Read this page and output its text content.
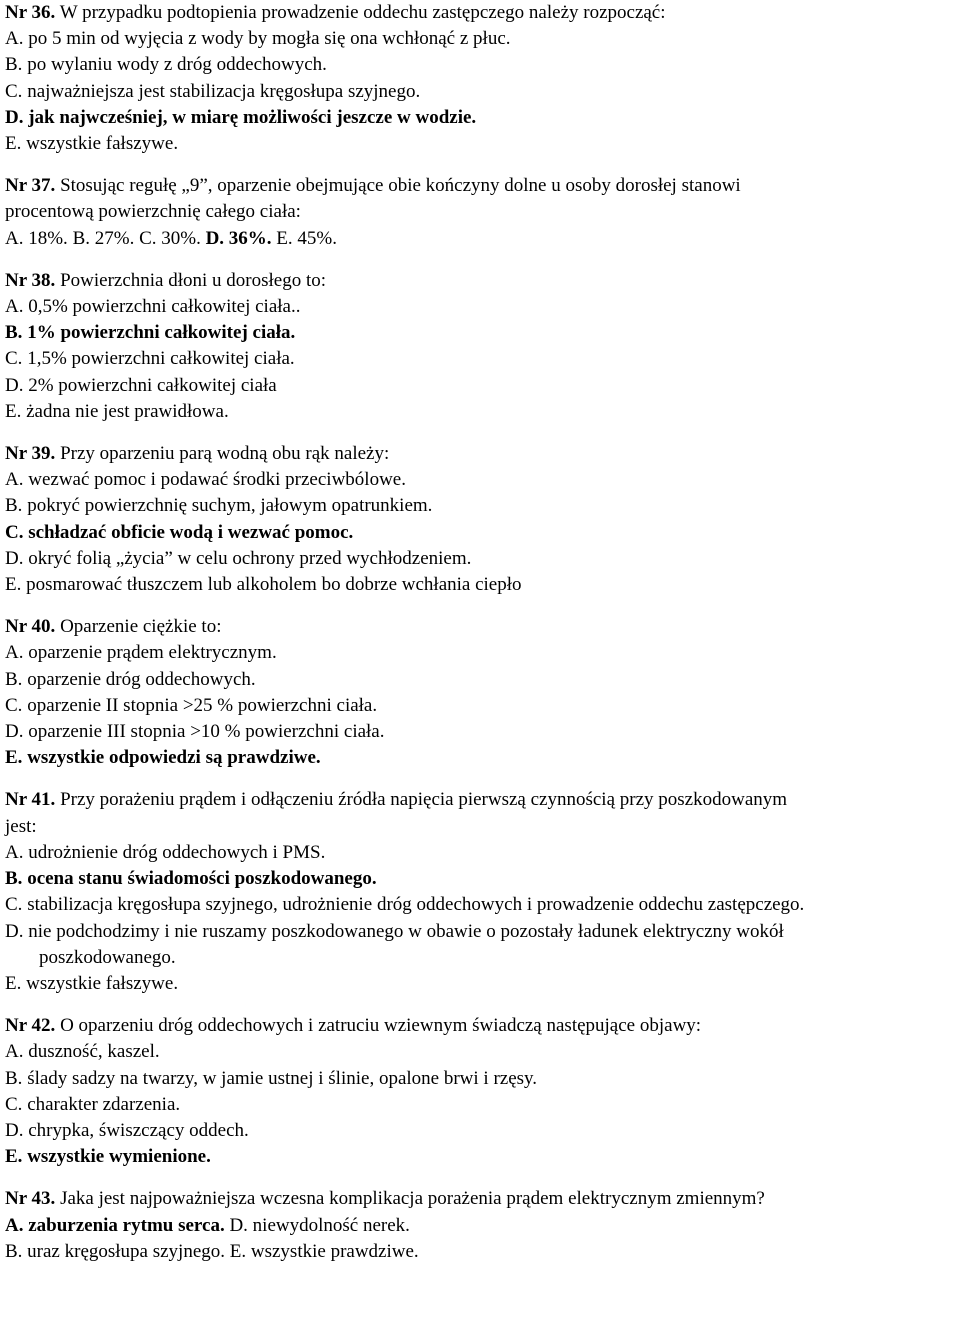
Nr 36. W przypadku podtopienia prowadzenie oddechu zastępczego należy rozpocząć:
A. po 5 min od wyjęcia z wody by mogła się ona wchłonąć z płuc.
B. po wylaniu wody z dróg oddechowych.
C. najważniejsza jest stabilizacja kręgosłupa szyjnego.
D. jak najwcześniej, w miarę możliwości jeszcze w wodzie.
E. wszystkie fałszywe.
Nr 37. Stosując regułę „9”, oparzenie obejmujące obie kończyny dolne u osoby dorosłej stanowi
procentową powierzchnię całego ciała:
A. 18%. B. 27%. C. 30%. D. 36%. E. 45%.
Nr 38. Powierzchnia dłoni u dorosłego to:
A. 0,5% powierzchni całkowitej ciała..
B. 1% powierzchni całkowitej ciała.
C. 1,5% powierzchni całkowitej ciała.
D. 2% powierzchni całkowitej ciała
E. żadna nie jest prawidłowa.
Nr 39. Przy oparzeniu parą wodną obu rąk należy:
A. wezwać pomoc i podawać środki przeciwbólowe.
B. pokryć powierzchnię suchym, jałowym opatrunkiem.
C. schładzać obficie wodą i wezwać pomoc.
D. okryć folią „życia” w celu ochrony przed wychłodzeniem.
E. posmarować tłuszczem lub alkoholem bo dobrze wchłania ciepło
Nr 40. Oparzenie ciężkie to:
A. oparzenie prądem elektrycznym.
B. oparzenie dróg oddechowych.
C. oparzenie II stopnia >25 % powierzchni ciała.
D. oparzenie III stopnia >10 % powierzchni ciała.
E. wszystkie odpowiedzi są prawdziwe.
Nr 41. Przy porażeniu prądem i odłączeniu źródła napięcia pierwszą czynnością przy poszkodowanym
jest:
A. udrożnienie dróg oddechowych i PMS.
B. ocena stanu świadomości poszkodowanego.
C. stabilizacja kręgosłupa szyjnego, udrożnienie dróg oddechowych i prowadzenie oddechu zastępczego.
D. nie podchodzimy i nie ruszamy poszkodowanego w obawie o pozostały ładunek elektryczny wokół
poszkodowanego.
E. wszystkie fałszywe.
Nr 42. O oparzeniu dróg oddechowych i zatruciu wziewnym świadczą następujące objawy:
A. duszność, kaszel.
B. ślady sadzy na twarzy, w jamie ustnej i ślinie, opalone brwi i rzęsy.
C. charakter zdarzenia.
D. chrypka, świszczący oddech.
E. wszystkie wymienione.
Nr 43. Jaka jest najpoważniejsza wczesna komplikacja porażenia prądem elektrycznym zmiennym?
A. zaburzenia rytmu serca. D. niewydolność nerek.
B. uraz kręgosłupa szyjnego. E. wszystkie prawdziwe.
